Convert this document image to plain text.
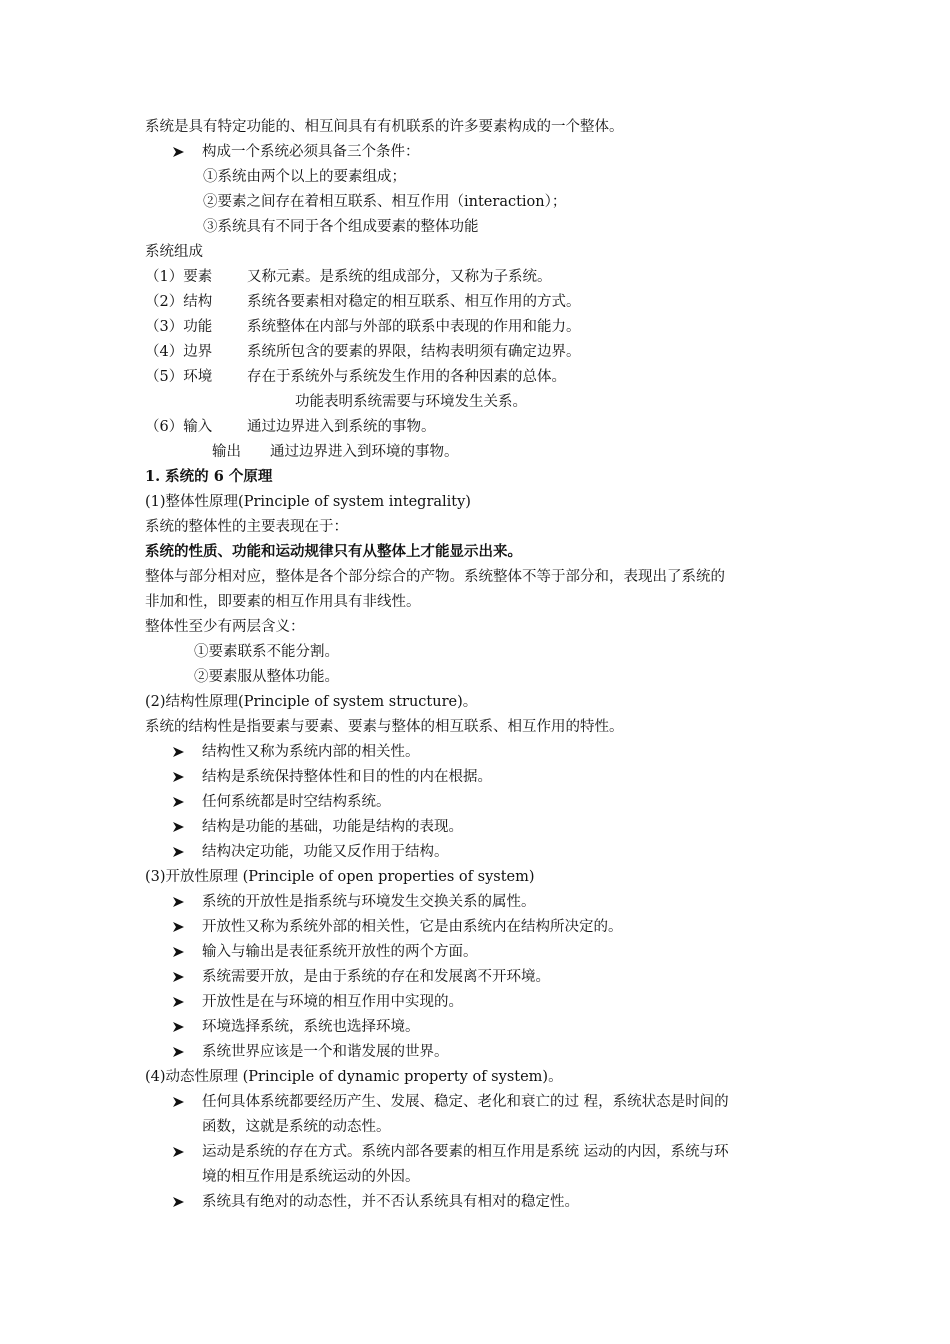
系统是具有特定功能的、相互间具有有机联系的许多要素构成的一个整体。
构成一个系统必须具备三个条件：
①系统由两个以上的要素组成；
②要素之间存在着相互联系、相互作用（interaction）；
③系统具有不同于各个组成要素的整体功能
系统组成
（1）要素 又称元素。是系统的组成部分，又称为子系统。
（2）结构 系统各要素相对稳定的相互联系、相互作用的方式。
（3）功能 系统整体在内部与外部的联系中表现的作用和能力。
（4）边界 系统所包含的要素的界限，结构表明须有确定边界。
（5）环境 存在于系统外与系统发生作用的各种因素的总体。
功能表明系统需要与环境发生关系。
（6）输入 通过边界进入到系统的事物。
输出 通过边界进入到环境的事物。
1. 系统的 6 个原理
(1)整体性原理(Principle of system integrality)
系统的整体性的主要表现在于：
系统的性质、功能和运动规律只有从整体上才能显示出来。
整体与部分相对应，整体是各个部分综合的产物。系统整体不等于部分和，表现出了系统的
非加和性，即要素的相互作用具有非线性。
整体性至少有两层含义：
①要素联系不能分割。
②要素服从整体功能。
(2)结构性原理(Principle of system structure)。
系统的结构性是指要素与要素、要素与整体的相互联系、相互作用的特性。
结构性又称为系统内部的相关性。
结构是系统保持整体性和目的性的内在根据。
任何系统都是时空结构系统。
结构是功能的基础，功能是结构的表现。
结构决定功能，功能又反作用于结构。
(3)开放性原理 (Principle of open properties of system)
系统的开放性是指系统与环境发生交换关系的属性。
开放性又称为系统外部的相关性，它是由系统内在结构所决定的。
输入与输出是表征系统开放性的两个方面。
系统需要开放，是由于系统的存在和发展离不开环境。
开放性是在与环境的相互作用中实现的。
环境选择系统，系统也选择环境。
系统世界应该是一个和谐发展的世界。
(4)动态性原理 (Principle of dynamic property of system)。
任何具体系统都要经历产生、发展、稳定、老化和衰亡的过 程，系统状态是时间的
函数，这就是系统的动态性。
运动是系统的存在方式。系统内部各要素的相互作用是系统 运动的内因，系统与环
境的相互作用是系统运动的外因。
系统具有绝对的动态性，并不否认系统具有相对的稳定性。
